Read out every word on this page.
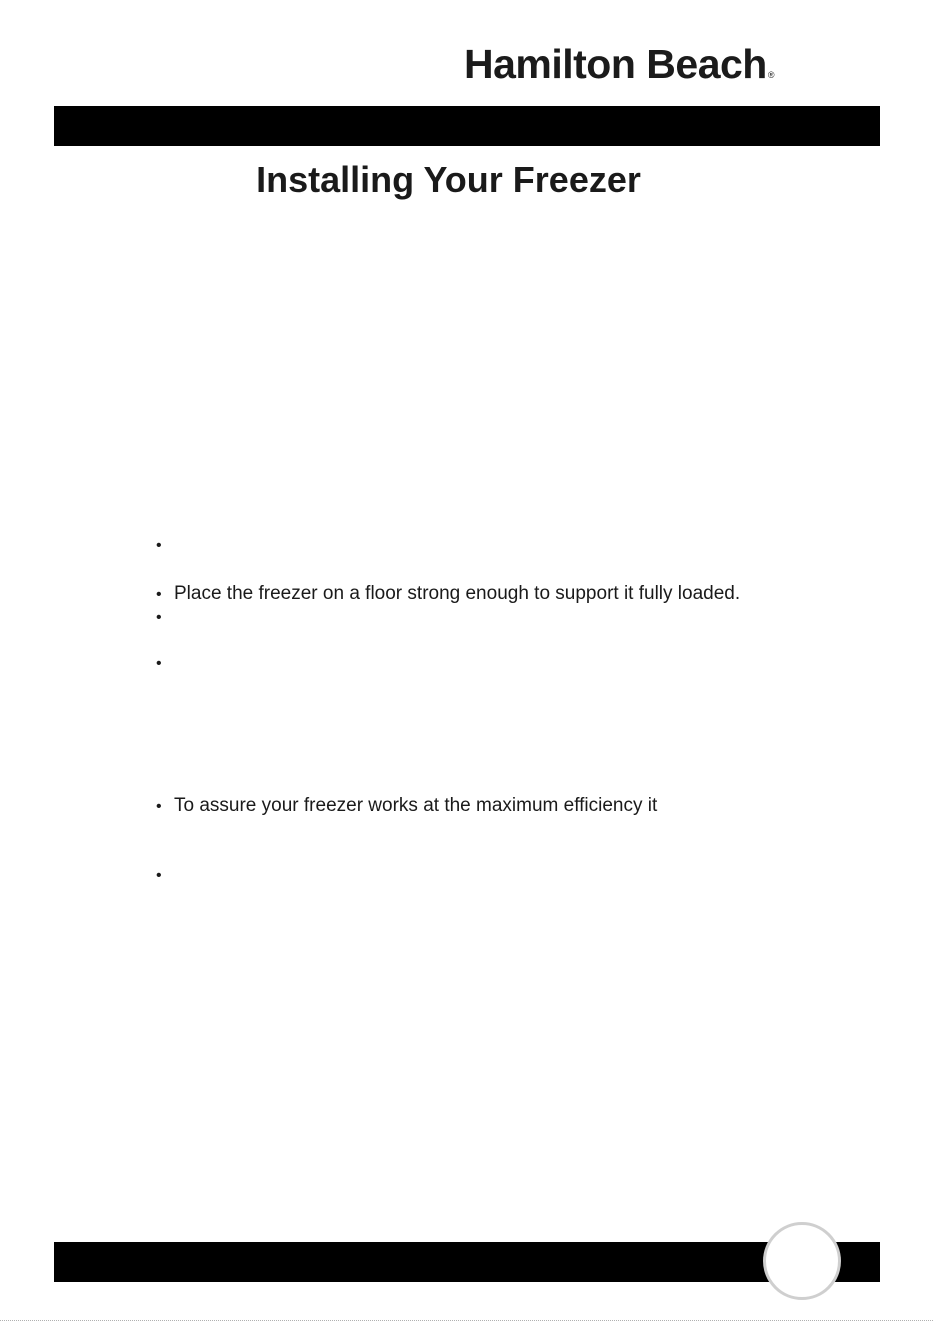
Hamilton Beach®
Installing Your Freezer
•
• Place the freezer on a floor strong enough to support it fully loaded.
•
•
• To assure your freezer works at the maximum efficiency it
•
